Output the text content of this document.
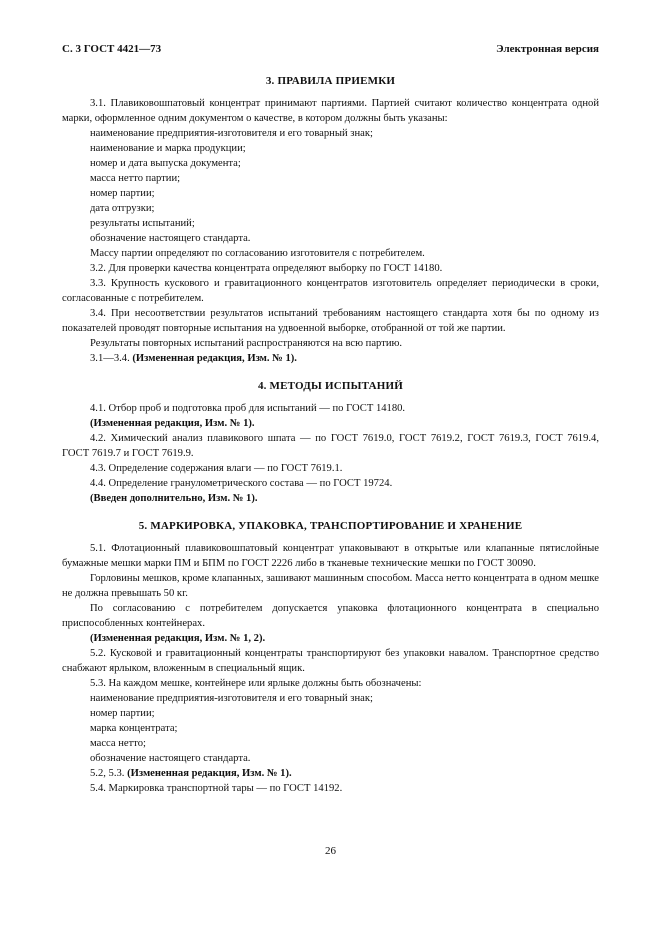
С. 3 ГОСТ 4421—73	Электронная версия
3. ПРАВИЛА ПРИЕМКИ

3.1. Плавиковошпатовый концентрат принимают партиями. Партией считают количество концентрата одной марки, оформленное одним документом о качестве, в котором должны быть указаны:

наименование предприятия-изготовителя и его товарный знак;

наименование и марка продукции;

номер и дата выпуска документа;

масса нетто партии;

номер партии;

дата отгрузки;

результаты испытаний;

обозначение настоящего стандарта.

Массу партии определяют по согласованию изготовителя с потребителем.

3.2. Для проверки качества концентрата определяют выборку по ГОСТ 14180.

3.3. Крупность кускового и гравитационного концентратов изготовитель определяет периодически в сроки, согласованные с потребителем.

3.4. При несоответствии результатов испытаний требованиям настоящего стандарта хотя бы по одному из показателей проводят повторные испытания на удвоенной выборке, отобранной от той же партии.

Результаты повторных испытаний распространяются на всю партию.

3.1—3.4. (Измененная редакция, Изм. № 1).

4. МЕТОДЫ ИСПЫТАНИЙ

4.1. Отбор проб и подготовка проб для испытаний — по ГОСТ 14180.

(Измененная редакция, Изм. № 1).

4.2. Химический анализ плавикового шпата — по ГОСТ 7619.0, ГОСТ 7619.2, ГОСТ 7619.3, ГОСТ 7619.4, ГОСТ 7619.7 и ГОСТ 7619.9.

4.3. Определение содержания влаги — по ГОСТ 7619.1.

4.4. Определение гранулометрического состава — по ГОСТ 19724.

(Введен дополнительно, Изм. № 1).

5. МАРКИРОВКА, УПАКОВКА, ТРАНСПОРТИРОВАНИЕ И ХРАНЕНИЕ

5.1. Флотационный плавиковошпатовый концентрат упаковывают в открытые или клапанные пятислойные бумажные мешки марки ПМ и БПМ по ГОСТ 2226 либо в тканевые технические мешки по ГОСТ 30090.

Горловины мешков, кроме клапанных, зашивают машинным способом. Масса нетто концентрата в одном мешке не должна превышать 50 кг.

По согласованию с потребителем допускается упаковка флотационного концентрата в специально приспособленных контейнерах.

(Измененная редакция, Изм. № 1, 2).

5.2. Кусковой и гравитационный концентраты транспортируют без упаковки навалом. Транспортное средство снабжают ярлыком, вложенным в специальный ящик.

5.3. На каждом мешке, контейнере или ярлыке должны быть обозначены:

наименование предприятия-изготовителя и его товарный знак;

номер партии;

марка концентрата;

масса нетто;

обозначение настоящего стандарта.

5.2, 5.3. (Измененная редакция, Изм. № 1).

5.4. Маркировка транспортной тары — по ГОСТ 14192.

26
